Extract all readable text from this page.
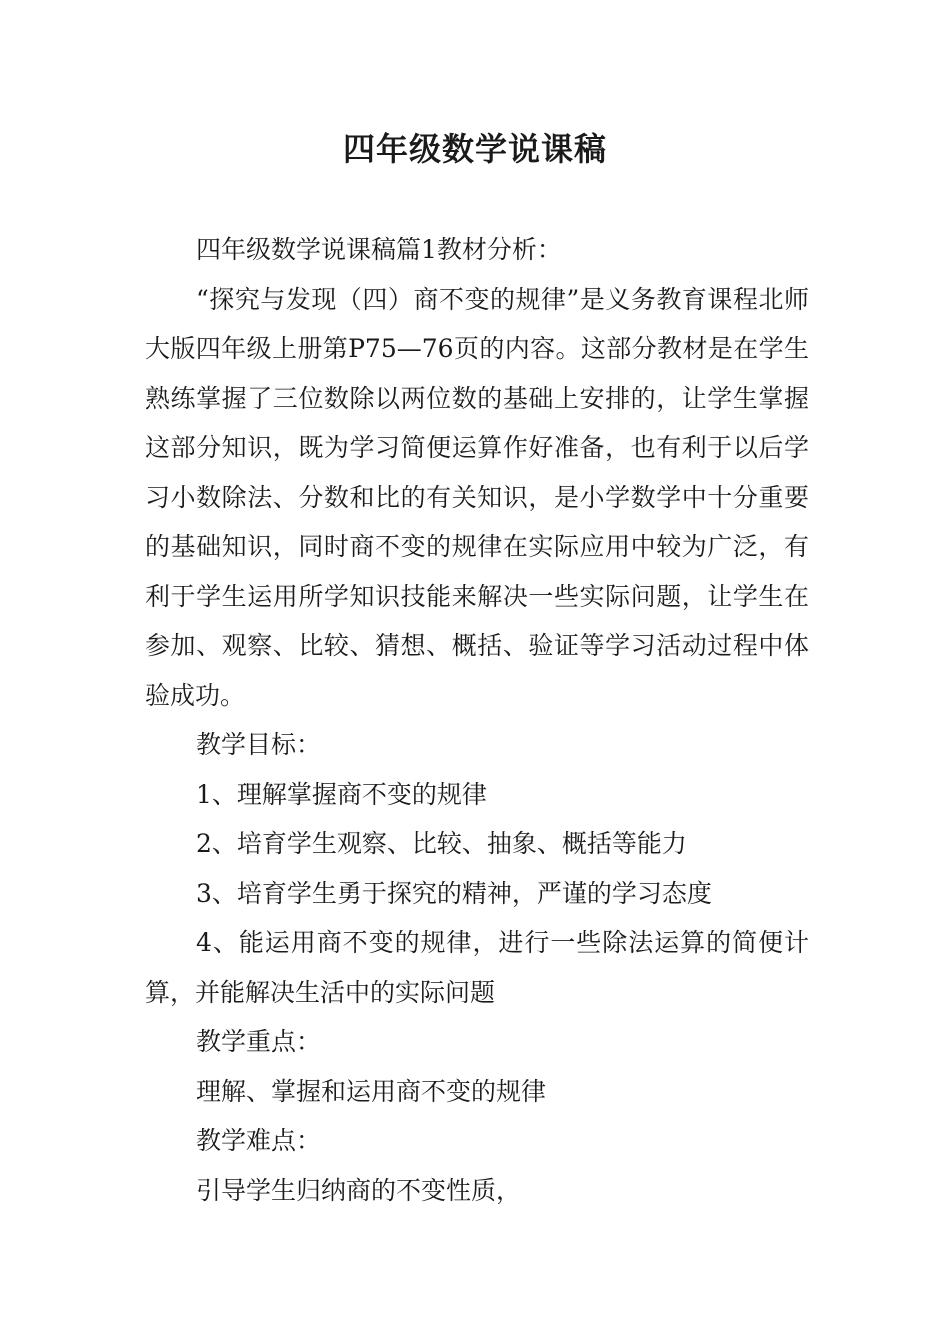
四年级数学说课稿

四年级数学说课稿篇1教材分析：

“探究与发现（四）商不变的规律”是义务教育课程北师大版四年级上册第P75—76页的内容。这部分教材是在学生熟练掌握了三位数除以两位数的基础上安排的，让学生掌握这部分知识，既为学习简便运算作好准备，也有利于以后学习小数除法、分数和比的有关知识，是小学数学中十分重要的基础知识，同时商不变的规律在实际应用中较为广泛，有利于学生运用所学知识技能来解决一些实际问题，让学生在参加、观察、比较、猜想、概括、验证等学习活动过程中体验成功。

教学目标：

1、理解掌握商不变的规律

2、培育学生观察、比较、抽象、概括等能力

3、培育学生勇于探究的精神，严谨的学习态度

4、能运用商不变的规律，进行一些除法运算的简便计算，并能解决生活中的实际问题

教学重点：

理解、掌握和运用商不变的规律

教学难点：

引导学生归纳商的不变性质，
